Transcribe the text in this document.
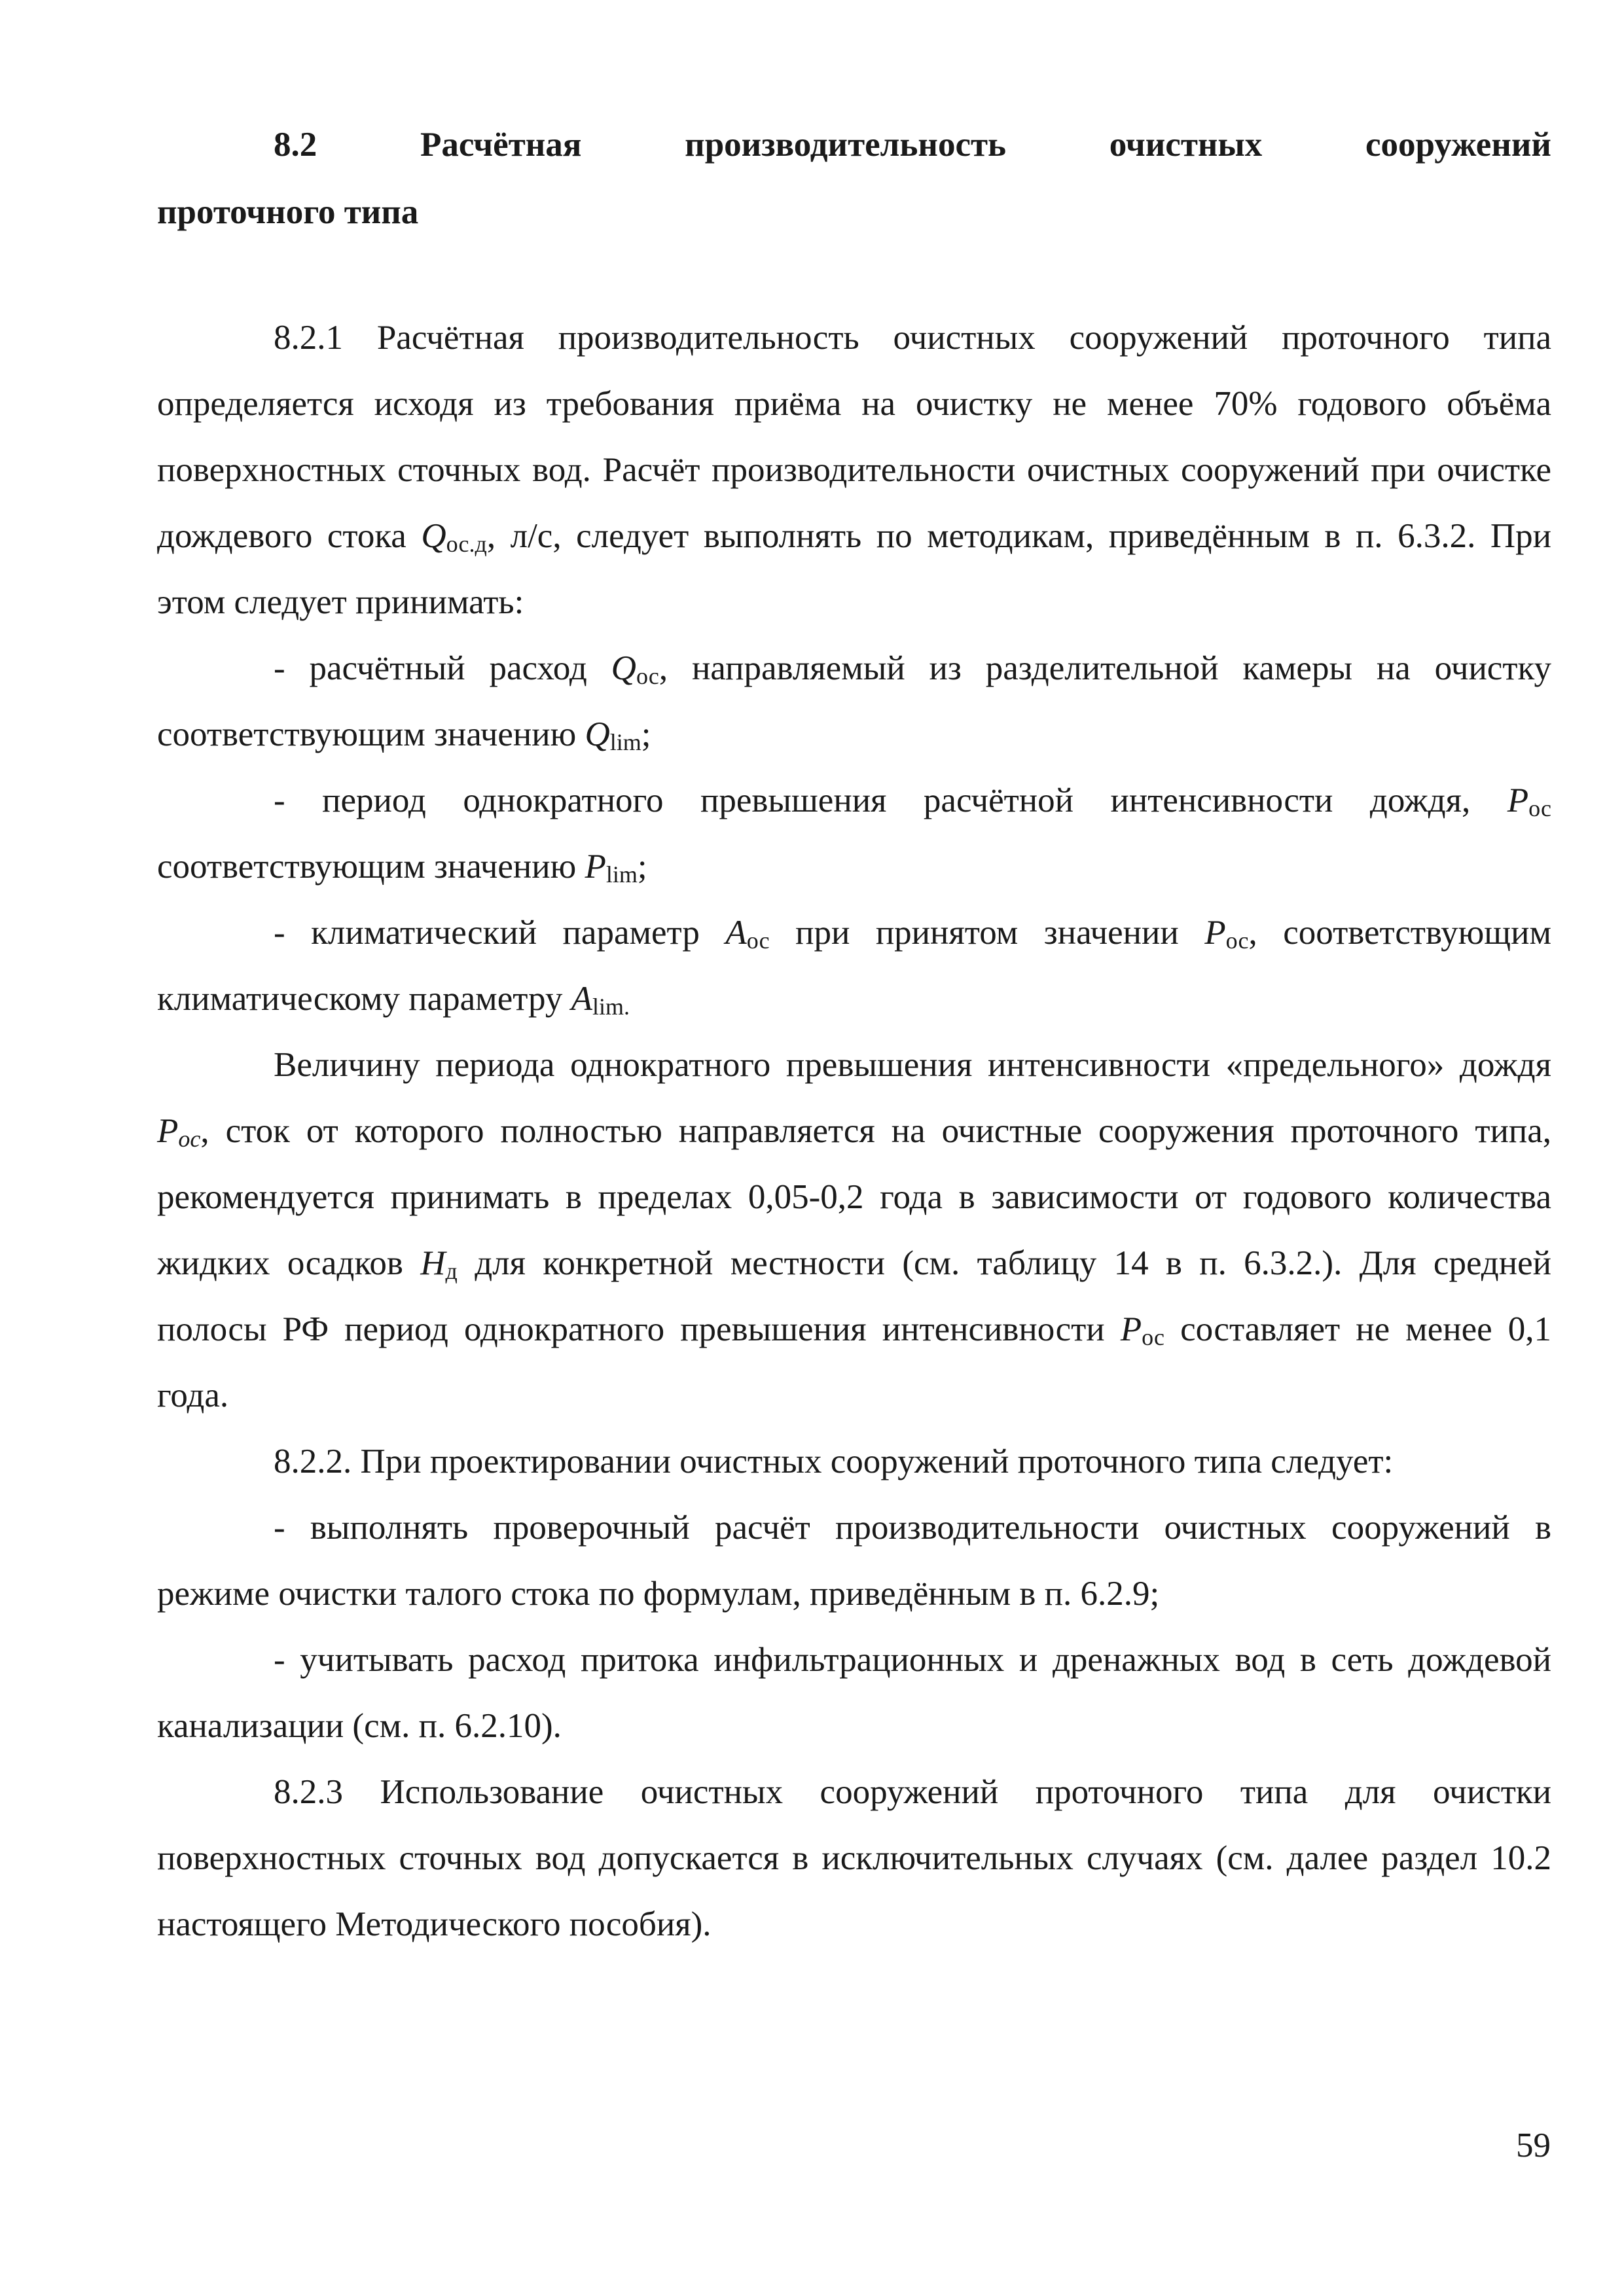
8.2	Расчётная	производительность	очистных	сооружений
проточного типа

8.2.1 Расчётная производительность очистных сооружений проточного типа определяется исходя из требования приёма на очистку не менее 70% годового объёма поверхностных сточных вод. Расчёт производительности очистных сооружений при очистке дождевого стока $Q_{ос.д}$, л/с, следует выполнять по методикам, приведённым в п. 6.3.2. При этом следует принимать:

- расчётный расход $Q_{ос}$, направляемый из разделительной камеры на очистку соответствующим значению $Q_{lim}$;

- период однократного превышения расчётной интенсивности дождя, $P_{ос}$ соответствующим значению $P_{lim}$;

- климатический параметр $A_{ос}$ при принятом значении $P_{ос}$, соответствующим климатическому параметру $A_{lim.}$

Величину периода однократного превышения интенсивности «предельного» дождя $P_{ос}$, сток от которого полностью направляется на очистные сооружения проточного типа, рекомендуется принимать в пределах 0,05-0,2 года в зависимости от годового количества жидких осадков $H_д$ для конкретной местности (см. таблицу 14 в п. 6.3.2.). Для средней полосы РФ период однократного превышения интенсивности $P_{ос}$ составляет не менее 0,1 года.

8.2.2. При проектировании очистных сооружений проточного типа следует:

- выполнять проверочный расчёт производительности очистных сооружений в режиме очистки талого стока по формулам, приведённым в п. 6.2.9;

- учитывать расход притока инфильтрационных и дренажных вод в сеть дождевой канализации (см. п. 6.2.10).

8.2.3 Использование очистных сооружений проточного типа для очистки поверхностных сточных вод допускается в исключительных случаях (см. далее раздел 10.2 настоящего Методического пособия).

59
